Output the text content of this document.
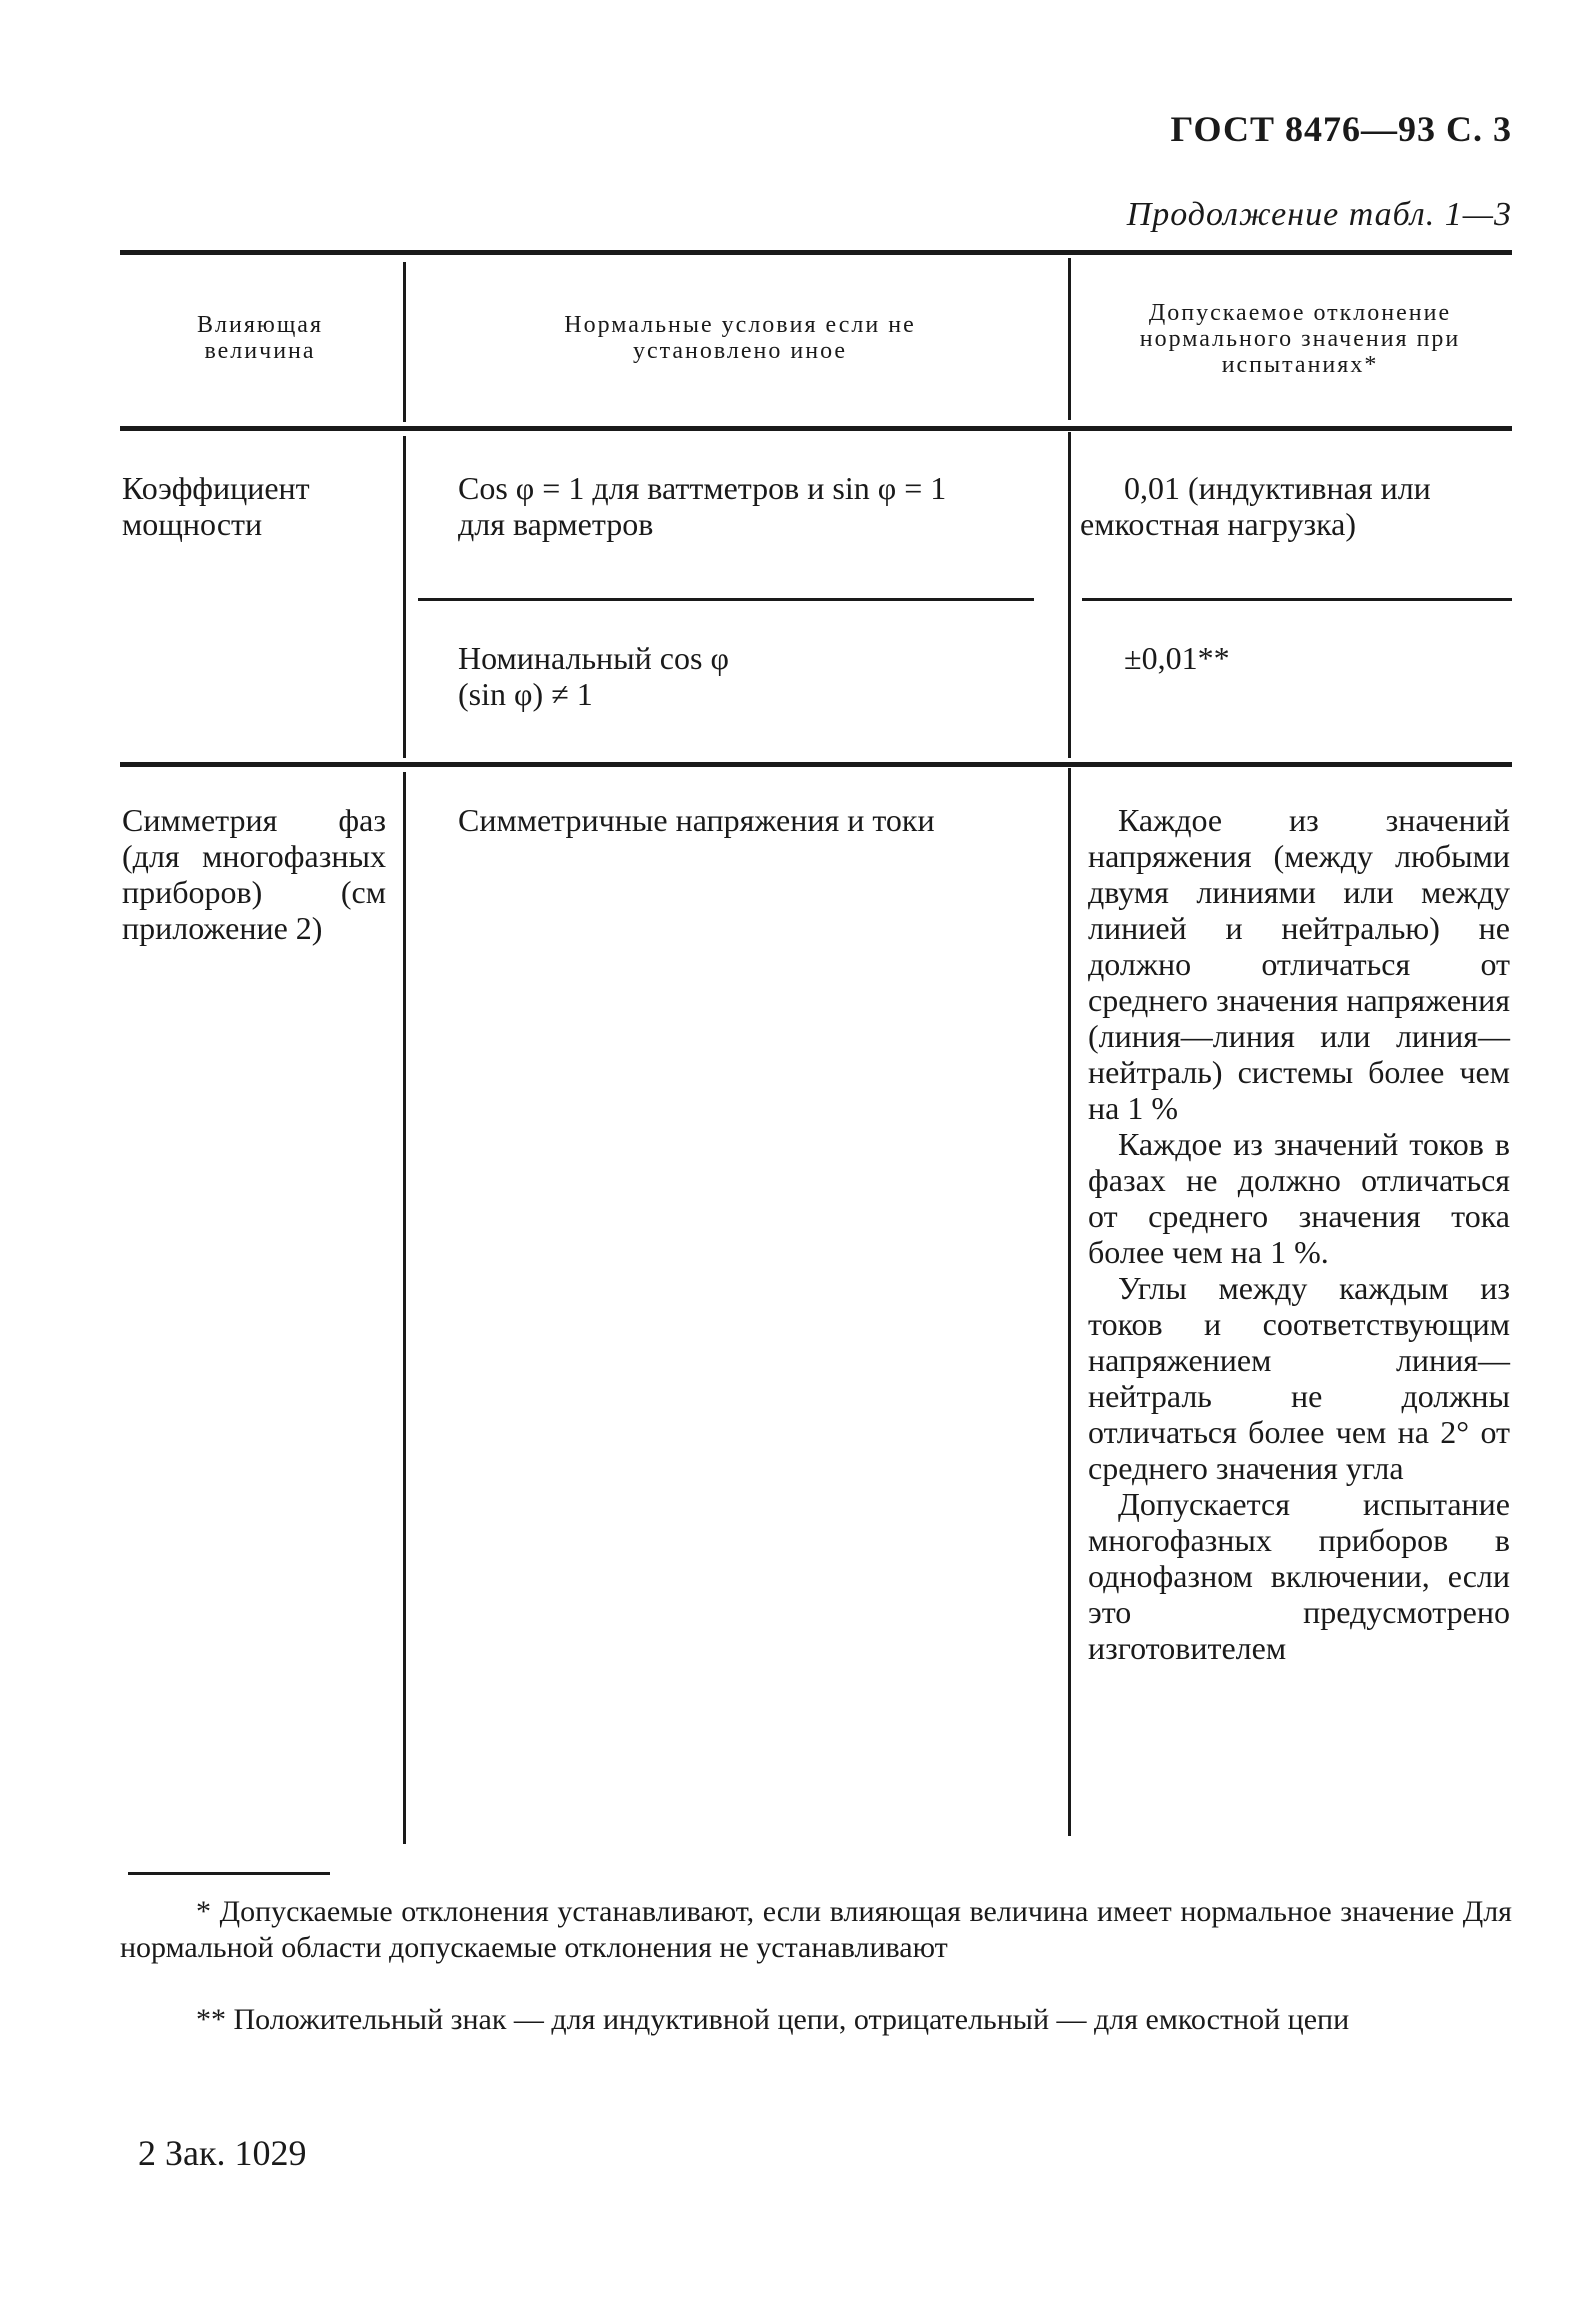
ГОСТ 8476—93 С. 3
Продолжение табл. 1—3
Влияющая величина
Нормальные условия если не установлено иное
Допускаемое отклонение нормального значения при испытаниях*
Коэффициент мощности
Cos φ = 1 для ваттметров и sin φ = 1 для варметров
0,01 (индуктивная или емкостная нагрузка)
Номинальный cos φ (sin φ) ≠ 1
±0,01**
Симметрия фаз (для многофазных приборов) (см приложение 2)
Симметричные напряжения и токи	Каждое из значений напряжения (между любыми двумя линиями или между линией и нейтралью) не должно отличаться от среднего значения напряжения (линия—линия или линия—нейтраль) системы более чем на 1 %

Каждое из значений токов в фазах не должно отличаться от среднего значения тока более чем на 1 %.

Углы между каждым из токов и соответствующим напряжением линия—нейтраль не должны отличаться более чем на 2° от среднего значения угла

Допускается испытание многофазных приборов в однофазном включении, если это предусмотрено изготовителем

* Допускаемые отклонения устанавливают, если влияющая величина имеет нормальное значение Для нормальной области допускаемые отклонения не устанавливают
** Положительный знак — для индуктивной цепи, отрицательный — для емкостной цепи
2 Зак. 1029
